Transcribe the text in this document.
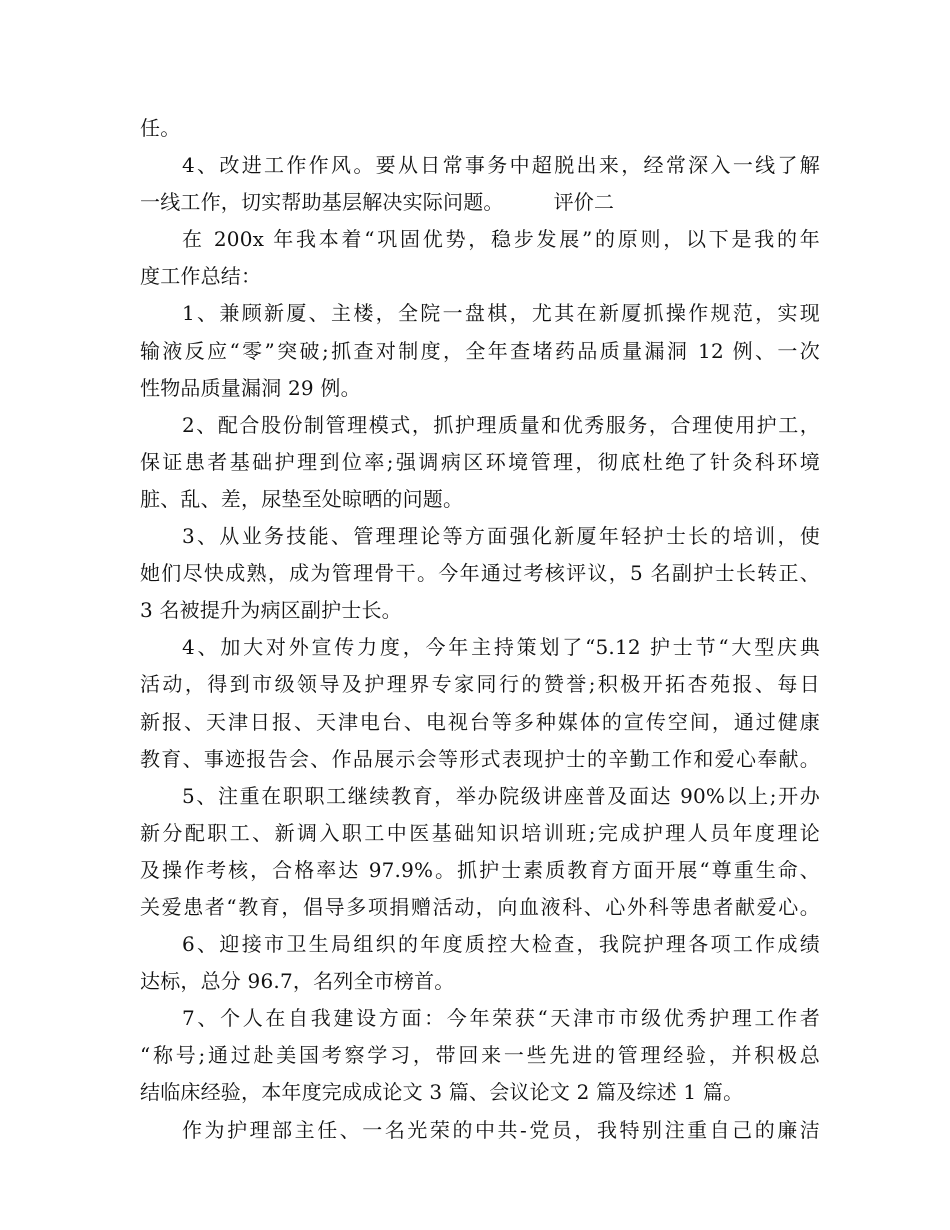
任。
4、改进工作作风。要从日常事务中超脱出来，经常深入一线了解
一线工作，切实帮助基层解决实际问题。	评价二
在 200x 年我本着“巩固优势，稳步发展”的原则，以下是我的年
度工作总结：
1、兼顾新厦、主楼，全院一盘棋，尤其在新厦抓操作规范，实现
输液反应“零”突破;抓查对制度，全年查堵药品质量漏洞 12 例、一次
性物品质量漏洞 29 例。
2、配合股份制管理模式，抓护理质量和优秀服务，合理使用护工，
保证患者基础护理到位率;强调病区环境管理，彻底杜绝了针灸科环境
脏、乱、差，尿垫至处晾晒的问题。
3、从业务技能、管理理论等方面强化新厦年轻护士长的培训，使
她们尽快成熟，成为管理骨干。今年通过考核评议，5 名副护士长转正、
3 名被提升为病区副护士长。
4、加大对外宣传力度，今年主持策划了“5.12 护士节“大型庆典
活动，得到市级领导及护理界专家同行的赞誉;积极开拓杏苑报、每日
新报、天津日报、天津电台、电视台等多种媒体的宣传空间，通过健康
教育、事迹报告会、作品展示会等形式表现护士的辛勤工作和爱心奉献。
5、注重在职职工继续教育，举办院级讲座普及面达 90%以上;开办
新分配职工、新调入职工中医基础知识培训班;完成护理人员年度理论
及操作考核，合格率达 97.9%。抓护士素质教育方面开展“尊重生命、
关爱患者“教育，倡导多项捐赠活动，向血液科、心外科等患者献爱心。
6、迎接市卫生局组织的年度质控大检查，我院护理各项工作成绩
达标，总分 96.7，名列全市榜首。
7、个人在自我建设方面：今年荣获“天津市市级优秀护理工作者
“称号;通过赴美国考察学习，带回来一些先进的管理经验，并积极总
结临床经验，本年度完成成论文 3 篇、会议论文 2 篇及综述 1 篇。
作为护理部主任、一名光荣的中共-党员，我特别注重自己的廉洁
